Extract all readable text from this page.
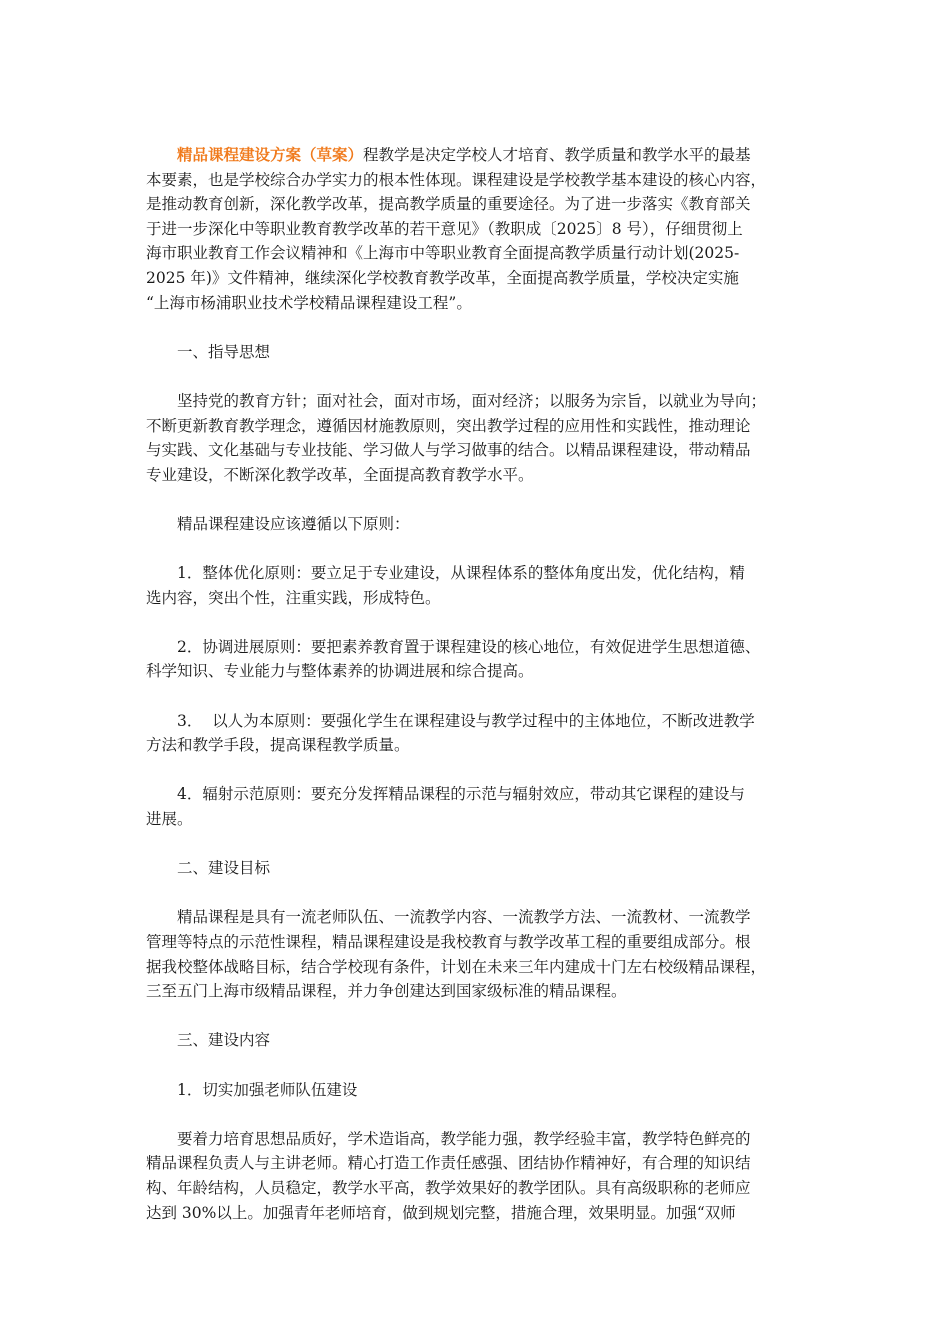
精品课程建设方案（草案）程教学是决定学校人才培育、教学质量和教学水平的最基
本要素，也是学校综合办学实力的根本性体现。课程建设是学校教学基本建设的核心内容，
是推动教育创新，深化教学改革，提高教学质量的重要途径。为了进一步落实《教育部关
于进一步深化中等职业教育教学改革的若干意见》（教职成〔2025〕8 号），仔细贯彻上
海市职业教育工作会议精神和《上海市中等职业教育全面提高教学质量行动计划(2025-
2025 年)》文件精神，继续深化学校教育教学改革，全面提高教学质量，学校决定实施
“上海市杨浦职业技术学校精品课程建设工程”。

一、指导思想

坚持党的教育方针；面对社会，面对市场，面对经济；以服务为宗旨，以就业为导向；
不断更新教育教学理念，遵循因材施教原则，突出教学过程的应用性和实践性，推动理论
与实践、文化基础与专业技能、学习做人与学习做事的结合。以精品课程建设，带动精品
专业建设，不断深化教学改革，全面提高教育教学水平。

精品课程建设应该遵循以下原则：

1．整体优化原则：要立足于专业建设，从课程体系的整体角度出发，优化结构，精
选内容，突出个性，注重实践，形成特色。

2．协调进展原则：要把素养教育置于课程建设的核心地位，有效促进学生思想道德、
科学知识、专业能力与整体素养的协调进展和综合提高。

3．  以人为本原则：要强化学生在课程建设与教学过程中的主体地位，不断改进教学
方法和教学手段，提高课程教学质量。

4．辐射示范原则：要充分发挥精品课程的示范与辐射效应，带动其它课程的建设与
进展。

二、建设目标

精品课程是具有一流老师队伍、一流教学内容、一流教学方法、一流教材、一流教学
管理等特点的示范性课程，精品课程建设是我校教育与教学改革工程的重要组成部分。根
据我校整体战略目标，结合学校现有条件，计划在未来三年内建成十门左右校级精品课程，
三至五门上海市级精品课程，并力争创建达到国家级标准的精品课程。

三、建设内容

1．切实加强老师队伍建设

要着力培育思想品质好，学术造诣高，教学能力强，教学经验丰富，教学特色鲜亮的
精品课程负责人与主讲老师。精心打造工作责任感强、团结协作精神好，有合理的知识结
构、年龄结构，人员稳定，教学水平高，教学效果好的教学团队。具有高级职称的老师应
达到 30%以上。加强青年老师培育，做到规划完整，措施合理，效果明显。加强“双师
